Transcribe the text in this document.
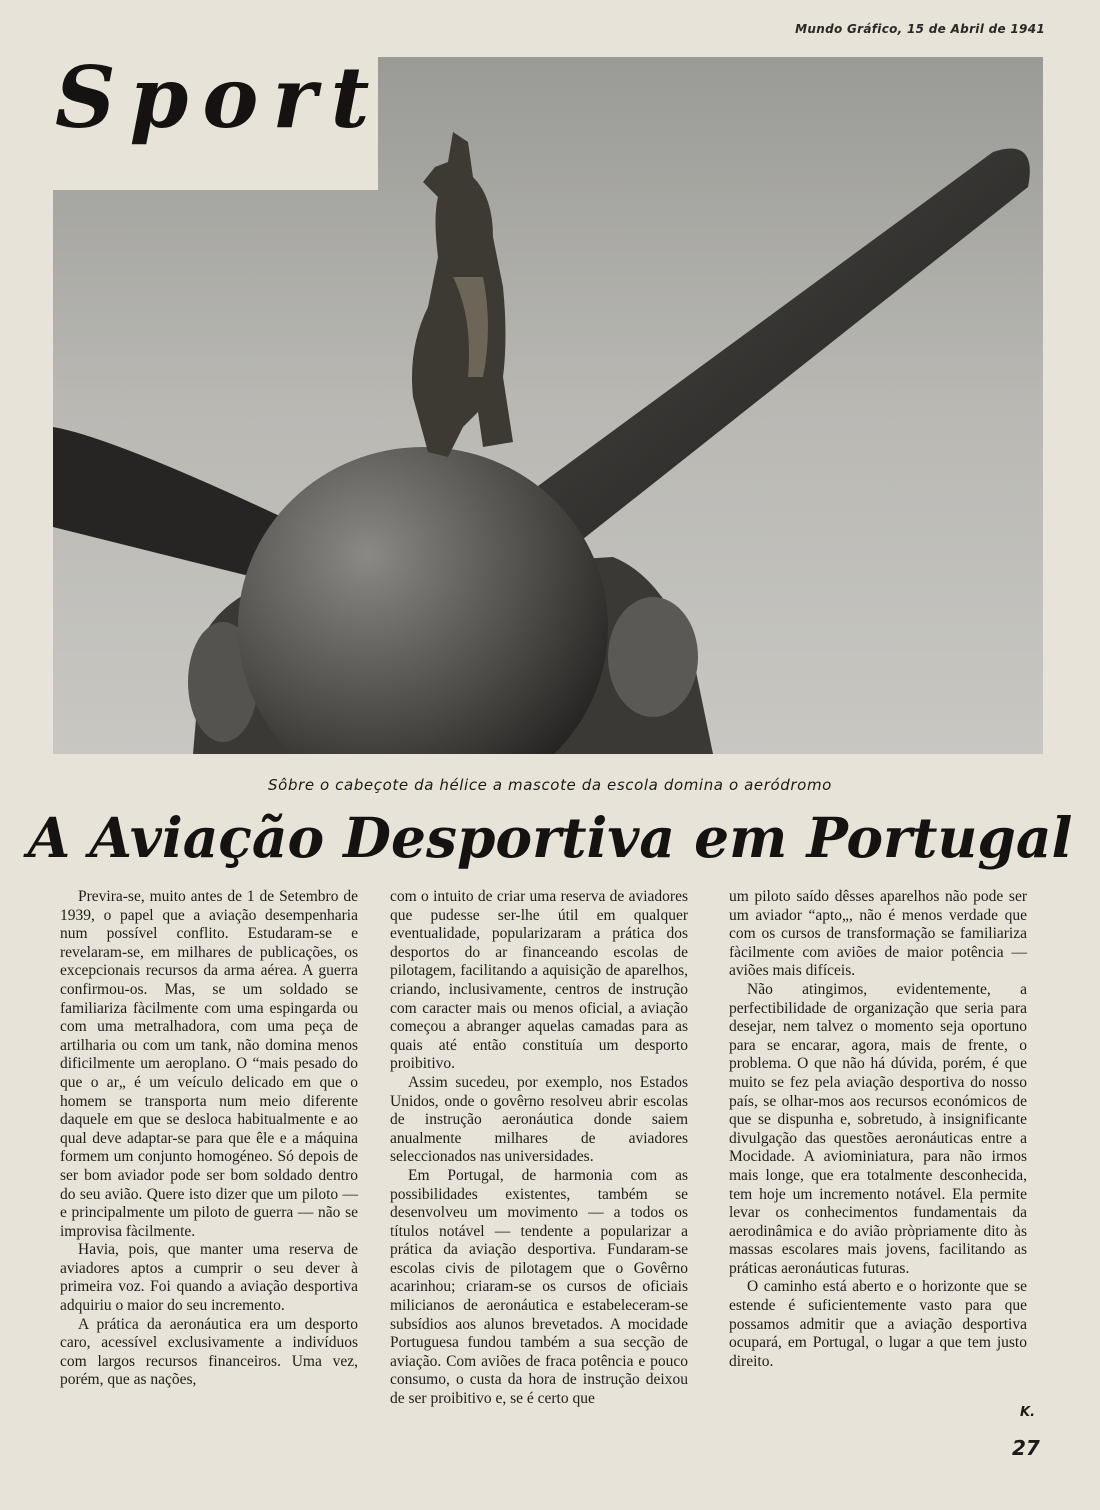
Mundo Gráfico, 15 de Abril de 1941
Sport
Sôbre o cabeçote da hélice a mascote da escola domina o aeródromo
A Aviação Desportiva em Portugal

Previra-se, muito antes de 1 de Setembro de 1939, o papel que a aviação desempenharia num possível conflito. Estudaram-se e revelaram-se, em milhares de publicações, os excepcionais recursos da arma aérea. A guerra confirmou-os. Mas, se um soldado se familiariza fàcilmente com uma espingarda ou com uma metralhadora, com uma peça de artilharia ou com um tank, não domina menos dificilmente um aeroplano. O “mais pesado do que o ar„ é um veículo delicado em que o homem se transporta num meio diferente daquele em que se desloca habitualmente e ao qual deve adaptar-se para que êle e a máquina formem um conjunto homogéneo. Só depois de ser bom aviador pode ser bom soldado dentro do seu avião. Quere isto dizer que um piloto — e principalmente um piloto de guerra — não se improvisa fàcilmente.

Havia, pois, que manter uma reserva de aviadores aptos a cumprir o seu dever à primeira voz. Foi quando a aviação desportiva adquiriu o maior do seu incremento.

A prática da aeronáutica era um desporto caro, acessível exclusivamente a indivíduos com largos recursos financeiros. Uma vez, porém, que as nações,

com o intuito de criar uma reserva de aviadores que pudesse ser-lhe útil em qualquer eventualidade, popularizaram a prática dos desportos do ar financeando escolas de pilotagem, facilitando a aquisição de aparelhos, criando, inclusivamente, centros de instrução com caracter mais ou menos oficial, a aviação começou a abranger aquelas camadas para as quais até então constituía um desporto proibitivo.

Assim sucedeu, por exemplo, nos Estados Unidos, onde o govêrno resolveu abrir escolas de instrução aeronáutica donde saiem anualmente milhares de aviadores seleccionados nas universidades.

Em Portugal, de harmonia com as possibilidades existentes, também se desenvolveu um movimento — a todos os títulos notável — tendente a popularizar a prática da aviação desportiva. Fundaram-se escolas civis de pilotagem que o Govêrno acarinhou; criaram-se os cursos de oficiais milicianos de aeronáutica e estabeleceram-se subsídios aos alunos brevetados. A mocidade Portuguesa fundou também a sua secção de aviação. Com aviões de fraca potência e pouco consumo, o custa da hora de instrução deixou de ser proibitivo e, se é certo que

um piloto saído dêsses aparelhos não pode ser um aviador “apto„, não é menos verdade que com os cursos de transformação se familiariza fàcilmente com aviões de maior potência — aviões mais difíceis.

Não atingimos, evidentemente, a perfectibilidade de organização que seria para desejar, nem talvez o momento seja oportuno para se encarar, agora, mais de frente, o problema. O que não há dúvida, porém, é que muito se fez pela aviação desportiva do nosso país, se olhar-mos aos recursos económicos de que se dispunha e, sobretudo, à insignificante divulgação das questões aeronáuticas entre a Mocidade. A aviominiatura, para não irmos mais longe, que era totalmente desconhecida, tem hoje um incremento notável. Ela permite levar os conhecimentos fundamentais da aerodinâmica e do avião pròpriamente dito às massas escolares mais jovens, facilitando as práticas aeronáuticas futuras.

O caminho está aberto e o horizonte que se estende é suficientemente vasto para que possamos admitir que a aviação desportiva ocupará, em Portugal, o lugar a que tem justo direito.

K.
27
